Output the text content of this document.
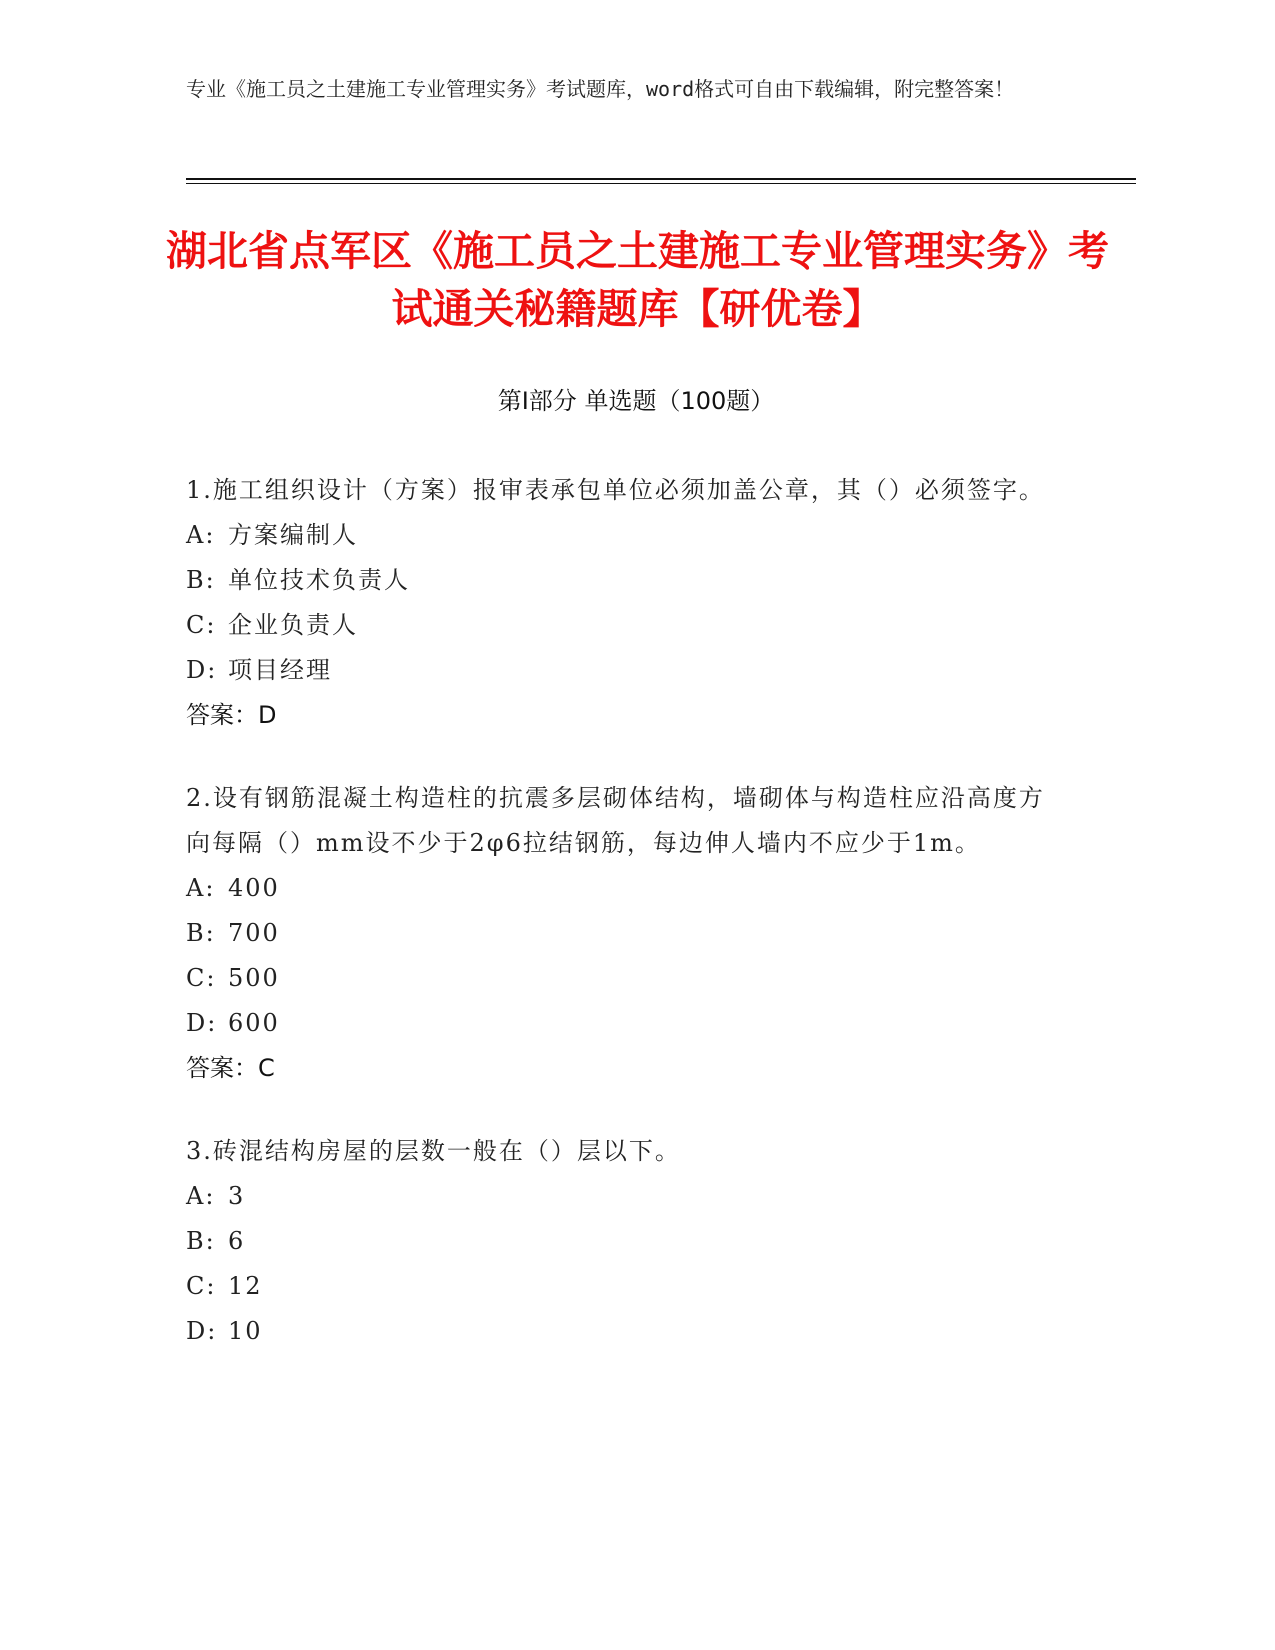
专业《施工员之土建施工专业管理实务》考试题库，word格式可自由下载编辑，附完整答案！
湖北省点军区《施工员之土建施工专业管理实务》考试通关秘籍题库【研优卷】
第Ⅰ部分 单选题（100题）
1.施工组织设计（方案）报审表承包单位必须加盖公章，其（）必须签字。
A: 方案编制人
B: 单位技术负责人
C: 企业负责人
D: 项目经理
答案：D
2.设有钢筋混凝土构造柱的抗震多层砌体结构，墙砌体与构造柱应沿高度方向每隔（）mm设不少于2φ6拉结钢筋，每边伸人墙内不应少于1m。
A: 400
B: 700
C: 500
D: 600
答案：C
3.砖混结构房屋的层数一般在（）层以下。
A: 3
B: 6
C: 12
D: 10
